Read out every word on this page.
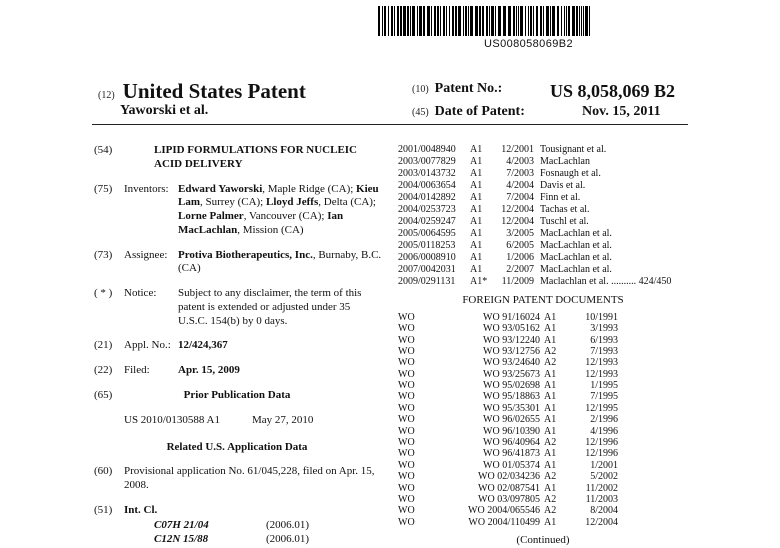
US008058069B2
(12) United States Patent
Yaworski et al.
(10) Patent No.:	US 8,058,069 B2
(45) Date of Patent:	Nov. 15, 2011
(54)	LIPID FORMULATIONS FOR NUCLEIC ACID DELIVERY
(75) Inventors: Edward Yaworski, Maple Ridge (CA); Kieu Lam, Surrey (CA); Lloyd Jeffs, Delta (CA); Lorne Palmer, Vancouver (CA); Ian MacLachlan, Mission (CA)
(73) Assignee: Protiva Biotherapeutics, Inc., Burnaby, B.C. (CA)
( * ) Notice: Subject to any disclaimer, the term of this patent is extended or adjusted under 35 U.S.C. 154(b) by 0 days.
(21) Appl. No.: 12/424,367
(22) Filed:	Apr. 15, 2009
(65)	Prior Publication Data
US 2010/0130588 A1	May 27, 2010
Related U.S. Application Data
(60) Provisional application No. 61/045,228, filed on Apr. 15, 2008.
(51) Int. Cl.
C07H 21/04	(2006.01)
C12N 15/88	(2006.01)
2001/0048940	A1	12/2001 Tousignant et al.
2003/0077829	A1	4/2003 MacLachlan
2003/0143732	A1	7/2003 Fosnaugh et al.
2004/0063654	A1	4/2004 Davis et al.
2004/0142892	A1	7/2004 Finn et al.
2004/0253723	A1	12/2004 Tachas et al.
2004/0259247	A1	12/2004 Tuschl et al.
2005/0064595	A1	3/2005 MacLachlan et al.
2005/0118253	A1	6/2005 MacLachlan et al.
2006/0008910	A1	1/2006 MacLachlan et al.
2007/0042031	A1	2/2007 MacLachlan et al.
2009/0291131	A1*	11/2009 Maclachlan et al. .......... 424/450
FOREIGN PATENT DOCUMENTS
WO	WO 91/16024 A1	10/1991
WO	WO 93/05162 A1	3/1993
WO	WO 93/12240 A1	6/1993
WO	WO 93/12756 A2	7/1993
WO	WO 93/24640 A2	12/1993
WO	WO 93/25673 A1	12/1993
WO	WO 95/02698 A1	1/1995
WO	WO 95/18863 A1	7/1995
WO	WO 95/35301 A1	12/1995
WO	WO 96/02655 A1	2/1996
WO	WO 96/10390 A1	4/1996
WO	WO 96/40964 A2	12/1996
WO	WO 96/41873 A1	12/1996
WO	WO 01/05374 A1	1/2001
WO	WO 02/034236 A2	5/2002
WO	WO 02/087541 A1	11/2002
WO	WO 03/097805 A2	11/2003
WO	WO 2004/065546 A2	8/2004
WO	WO 2004/110499 A1	12/2004
(Continued)
